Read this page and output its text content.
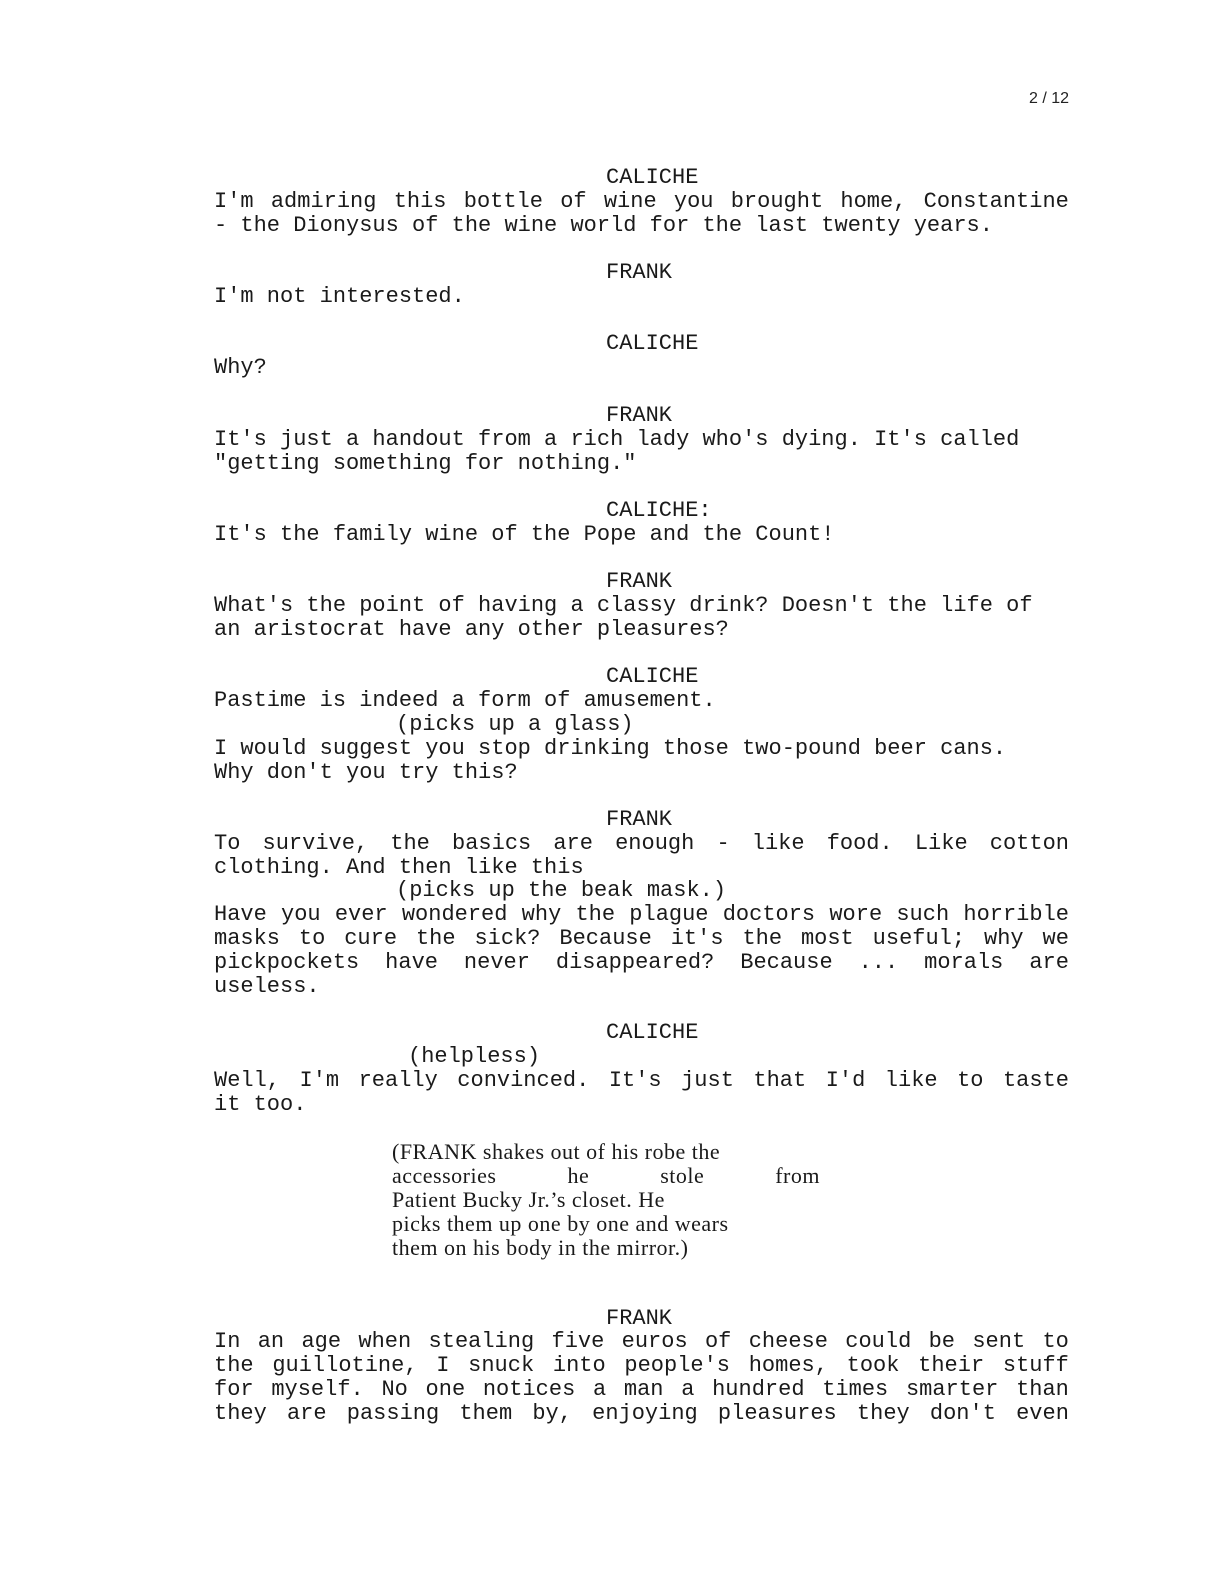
2 / 12

CALICHE

I'm admiring this bottle of wine you brought home, Constantine

- the Dionysus of the wine world for the last twenty years.

FRANK

I'm not interested.

CALICHE

Why?

FRANK

It's just a handout from a rich lady who's dying. It's called

"getting something for nothing."

CALICHE:

It's the family wine of the Pope and the Count!

FRANK

What's the point of having a classy drink? Doesn't the life of

an aristocrat have any other pleasures?

CALICHE

Pastime is indeed a form of amusement.

(picks up a glass)

I would suggest you stop drinking those two-pound beer cans.

Why don't you try this?

FRANK

To survive, the basics are enough - like food. Like cotton

clothing. And then like this

(picks up the beak mask.)

Have you ever wondered why the plague doctors wore such horrible

masks to cure the sick? Because it's the most useful; why we

pickpockets have never disappeared? Because ... morals are

useless.

CALICHE

(helpless)

Well, I'm really convinced. It's just that I'd like to taste

it too.

(FRANK shakes out of his robe the

accessories	he	stole	from

Patient Bucky Jr.’s closet. He

picks them up one by one and wears

them on his body in the mirror.)

FRANK

In an age when stealing five euros of cheese could be sent to

the guillotine, I snuck into people's homes, took their stuff

for myself. No one notices a man a hundred times smarter than

they are passing them by, enjoying pleasures they don't even
